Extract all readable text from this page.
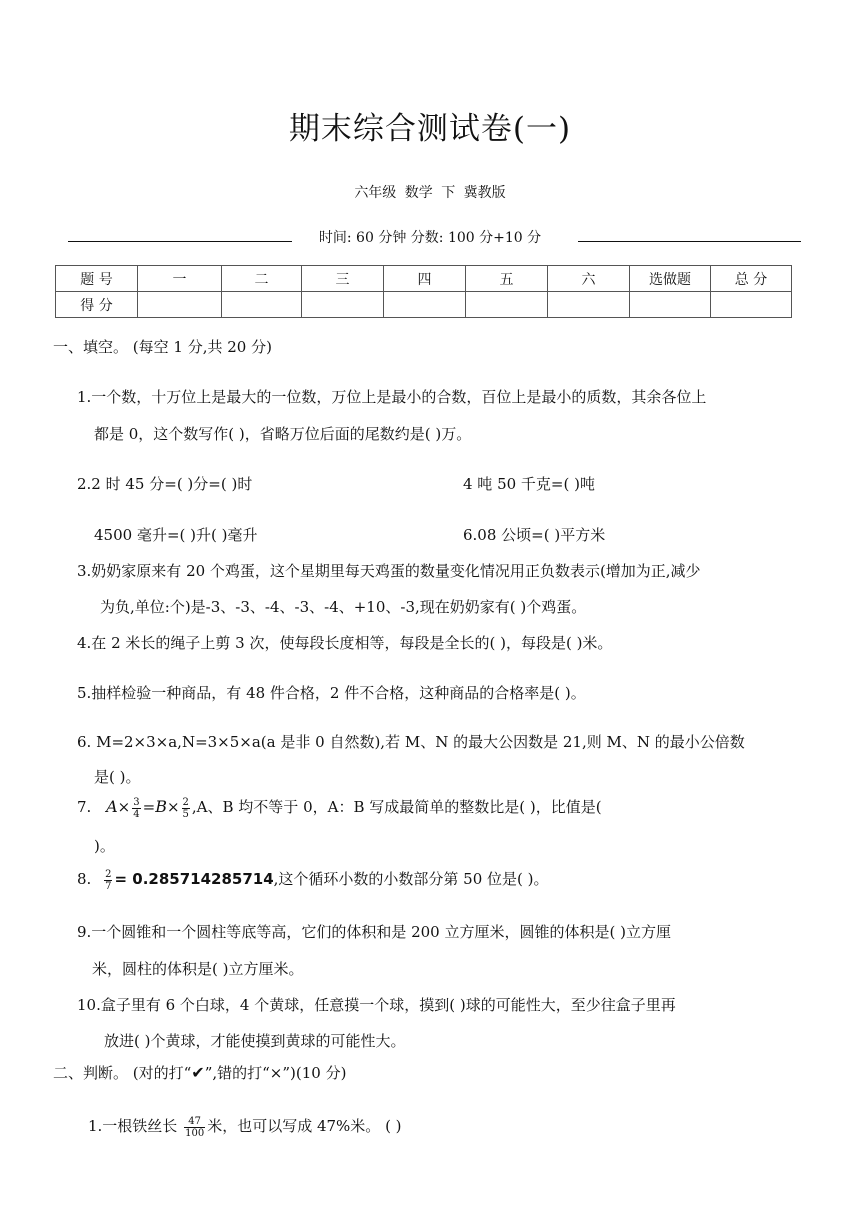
期末综合测试卷(一)
六年级 数学 下 冀教版
时间: 60 分钟 分数: 100 分+10 分
题 号	一	二	三	四	五	六	选做题	总 分
得 分								
一、填空。 (每空 1 分,共 20 分)
1.一个数，十万位上是最大的一位数，万位上是最小的合数，百位上是最小的质数，其余各位上
都是 0，这个数写作( )，省略万位后面的尾数约是( )万。
2.2 时 45 分=( )分=( )时	4 吨 50 千克=( )吨
4500 毫升=( )升( )毫升	6.08 公顷=( )平方米
3.奶奶家原来有 20 个鸡蛋，这个星期里每天鸡蛋的数量变化情况用正负数表示(增加为正,减少
为负,单位:个)是-3、-3、-4、-3、-4、+10、-3,现在奶奶家有( )个鸡蛋。
4.在 2 米长的绳子上剪 3 次，使每段长度相等，每段是全长的( )，每段是( )米。
5.抽样检验一种商品，有 48 件合格，2 件不合格，这种商品的合格率是( )。
6. M=2×3×a,N=3×5×a(a 是非 0 自然数),若 M、N 的最大公因数是 21,则 M、N 的最小公倍数
是( )。
7. $A\times \frac{3}{4} =B\times \frac{2}{5} ,A$、B 均不等于 0，A：B 写成最简单的整数比是( )，比值是(
)。
8. $\frac{2}{7} = 0.285714285714$,这个循环小数的小数部分第 50 位是( )。
9.一个圆锥和一个圆柱等底等高，它们的体积和是 200 立方厘米，圆锥的体积是( )立方厘
米，圆柱的体积是( )立方厘米。
10.盒子里有 6 个白球，4 个黄球，任意摸一个球，摸到( )球的可能性大，至少往盒子里再
放进( )个黄球，才能使摸到黄球的可能性大。
二、判断。 (对的打“✔”,错的打“×”)(10 分)
1.一根铁丝长 $\frac{47}{100}$ 米，也可以写成 47%米。 ( )
